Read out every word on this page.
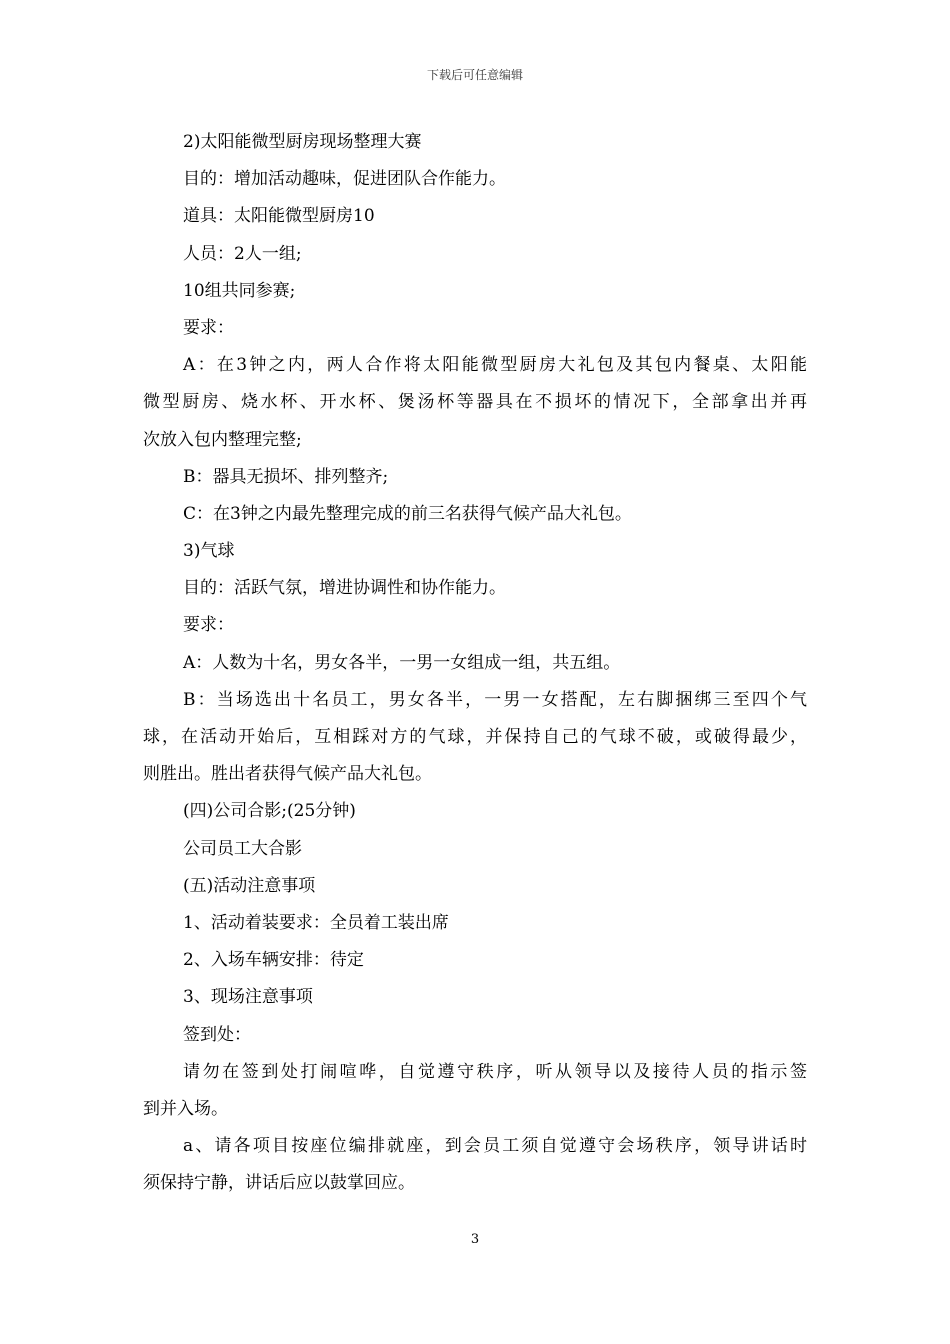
下载后可任意编辑
2)太阳能微型厨房现场整理大赛
目的：增加活动趣味，促进团队合作能力。
道具：太阳能微型厨房10
人员：2人一组;
10组共同参赛;
要求：
A：在3钟之内，两人合作将太阳能微型厨房大礼包及其包内餐桌、太阳能
微型厨房、烧水杯、开水杯、煲汤杯等器具在不损坏的情况下，全部拿出并再
次放入包内整理完整;
B：器具无损坏、排列整齐;
C：在3钟之内最先整理完成的前三名获得气候产品大礼包。
3)气球
目的：活跃气氛，增进协调性和协作能力。
要求：
A：人数为十名，男女各半，一男一女组成一组，共五组。
B：当场选出十名员工，男女各半，一男一女搭配，左右脚捆绑三至四个气
球，在活动开始后，互相踩对方的气球，并保持自己的气球不破，或破得最少，
则胜出。胜出者获得气候产品大礼包。
(四)公司合影;(25分钟)
公司员工大合影
(五)活动注意事项
1、活动着装要求：全员着工装出席
2、入场车辆安排：待定
3、现场注意事项
签到处：
请勿在签到处打闹喧哗，自觉遵守秩序，听从领导以及接待人员的指示签
到并入场。
a、请各项目按座位编排就座，到会员工须自觉遵守会场秩序，领导讲话时
须保持宁静，讲话后应以鼓掌回应。
3
